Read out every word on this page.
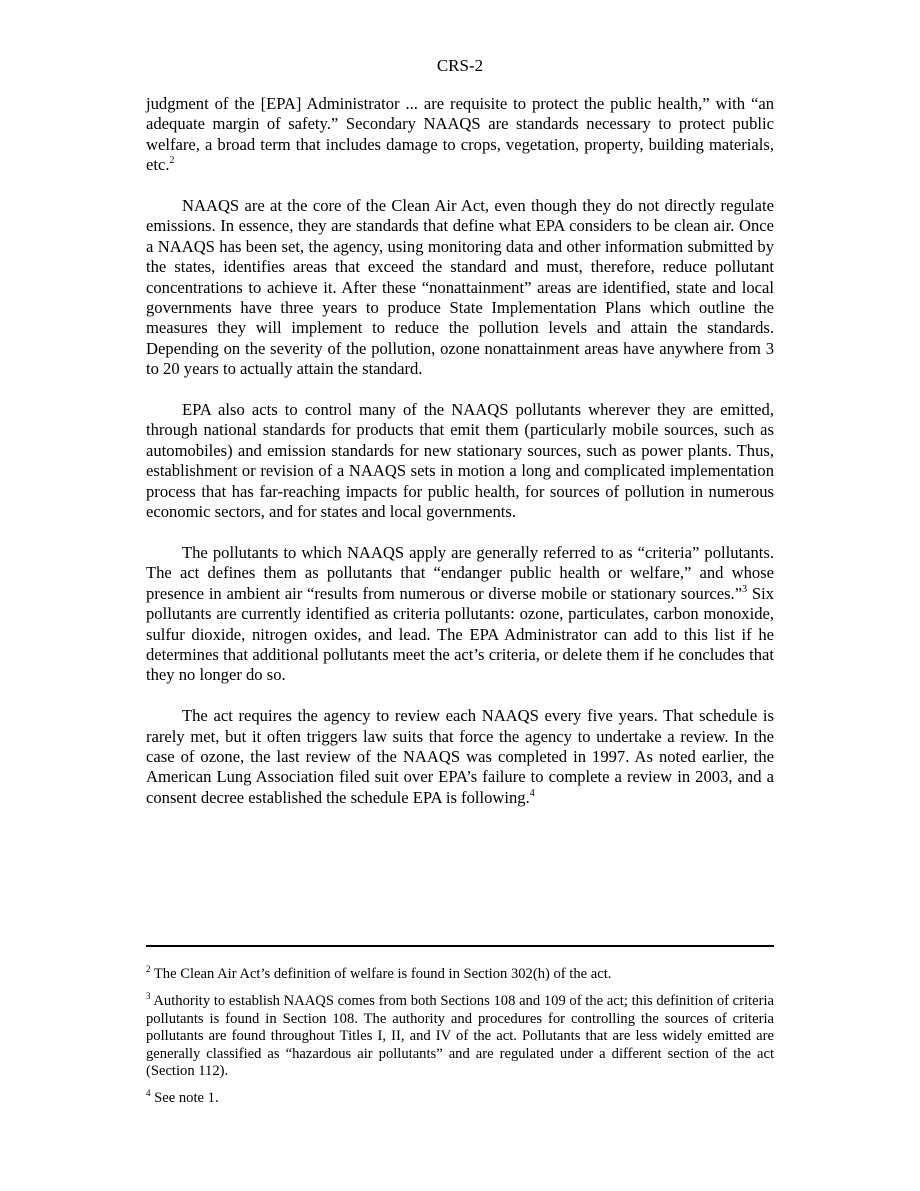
CRS-2

judgment of the [EPA] Administrator ... are requisite to protect the public health,” with “an adequate margin of safety.” Secondary NAAQS are standards necessary to protect public welfare, a broad term that includes damage to crops, vegetation, property, building materials, etc.$^2$

NAAQS are at the core of the Clean Air Act, even though they do not directly regulate emissions. In essence, they are standards that define what EPA considers to be clean air. Once a NAAQS has been set, the agency, using monitoring data and other information submitted by the states, identifies areas that exceed the standard and must, therefore, reduce pollutant concentrations to achieve it. After these “nonattainment” areas are identified, state and local governments have three years to produce State Implementation Plans which outline the measures they will implement to reduce the pollution levels and attain the standards. Depending on the severity of the pollution, ozone nonattainment areas have anywhere from 3 to 20 years to actually attain the standard.

EPA also acts to control many of the NAAQS pollutants wherever they are emitted, through national standards for products that emit them (particularly mobile sources, such as automobiles) and emission standards for new stationary sources, such as power plants. Thus, establishment or revision of a NAAQS sets in motion a long and complicated implementation process that has far-reaching impacts for public health, for sources of pollution in numerous economic sectors, and for states and local governments.

The pollutants to which NAAQS apply are generally referred to as “criteria” pollutants. The act defines them as pollutants that “endanger public health or welfare,” and whose presence in ambient air “results from numerous or diverse mobile or stationary sources.”$^3$ Six pollutants are currently identified as criteria pollutants: ozone, particulates, carbon monoxide, sulfur dioxide, nitrogen oxides, and lead. The EPA Administrator can add to this list if he determines that additional pollutants meet the act’s criteria, or delete them if he concludes that they no longer do so.

The act requires the agency to review each NAAQS every five years. That schedule is rarely met, but it often triggers law suits that force the agency to undertake a review. In the case of ozone, the last review of the NAAQS was completed in 1997. As noted earlier, the American Lung Association filed suit over EPA’s failure to complete a review in 2003, and a consent decree established the schedule EPA is following.$^4$

$^2$ The Clean Air Act’s definition of welfare is found in Section 302(h) of the act.

$^3$ Authority to establish NAAQS comes from both Sections 108 and 109 of the act; this definition of criteria pollutants is found in Section 108. The authority and procedures for controlling the sources of criteria pollutants are found throughout Titles I, II, and IV of the act. Pollutants that are less widely emitted are generally classified as “hazardous air pollutants” and are regulated under a different section of the act (Section 112).

$^4$ See note 1.
